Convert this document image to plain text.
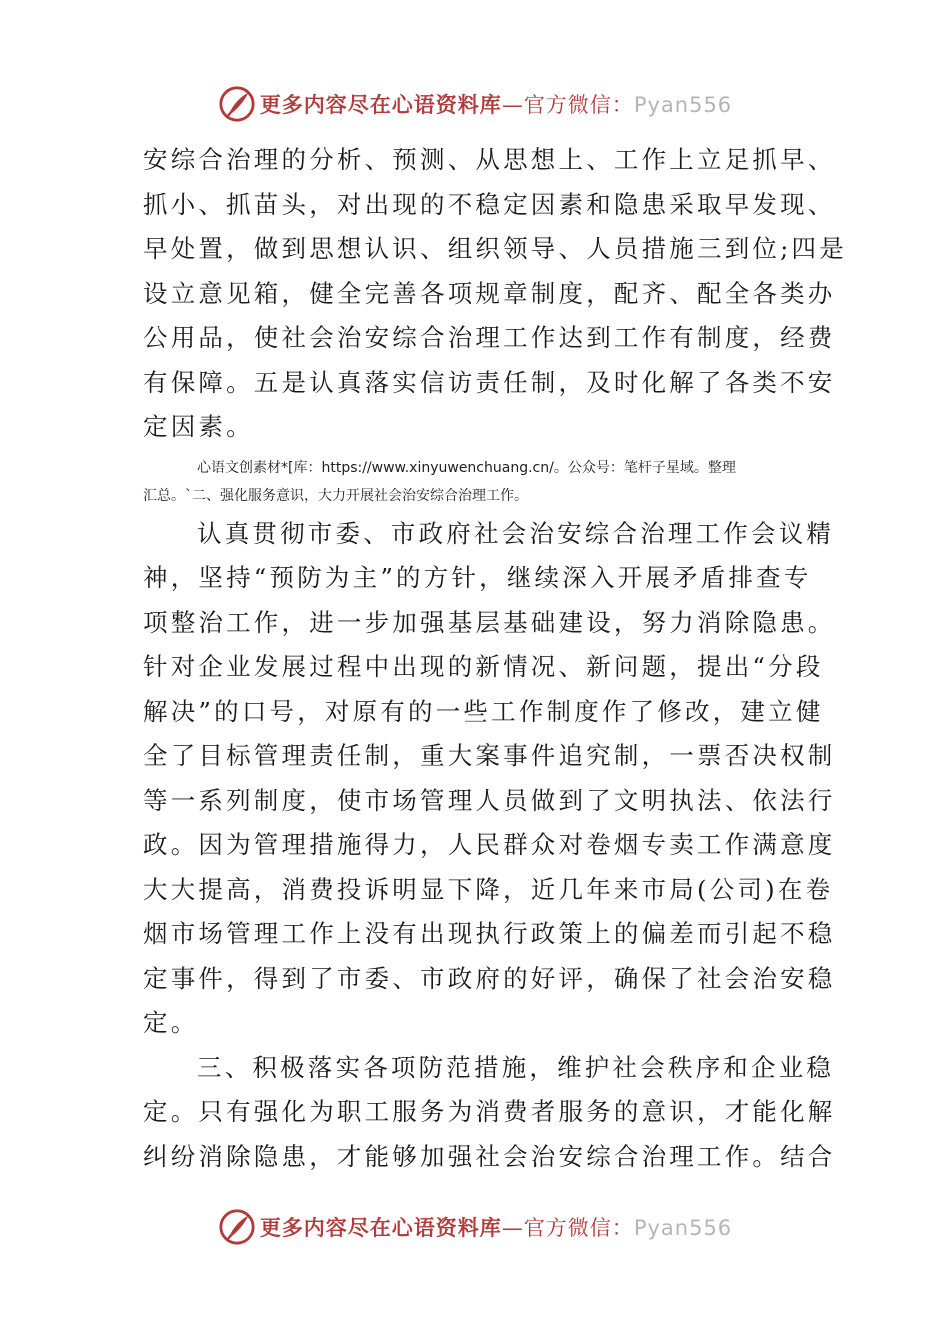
更多内容尽在心语资料库—官方微信：Pyan556

安综合治理的分析、预测、从思想上、工作上立足抓早、
抓小、抓苗头，对出现的不稳定因素和隐患采取早发现、
早处置，做到思想认识、组织领导、人员措施三到位;四是
设立意见箱，健全完善各项规章制度，配齐、配全各类办
公用品，使社会治安综合治理工作达到工作有制度，经费
有保障。五是认真落实信访责任制，及时化解了各类不安
定因素。

心语文创素材*[库：https://www.xinyuwenchuang.cn/。公众号：笔杆子星域。整理
汇总。`二、强化服务意识，大力开展社会治安综合治理工作。

认真贯彻市委、市政府社会治安综合治理工作会议精
神，坚持“预防为主”的方针，继续深入开展矛盾排查专
项整治工作，进一步加强基层基础建设，努力消除隐患。
针对企业发展过程中出现的新情况、新问题，提出“分段
解决”的口号，对原有的一些工作制度作了修改，建立健
全了目标管理责任制，重大案事件追究制，一票否决权制
等一系列制度，使市场管理人员做到了文明执法、依法行
政。因为管理措施得力，人民群众对卷烟专卖工作满意度
大大提高，消费投诉明显下降，近几年来市局(公司)在卷
烟市场管理工作上没有出现执行政策上的偏差而引起不稳
定事件，得到了市委、市政府的好评，确保了社会治安稳
定。

三、积极落实各项防范措施，维护社会秩序和企业稳
定。只有强化为职工服务为消费者服务的意识，才能化解
纠纷消除隐患，才能够加强社会治安综合治理工作。结合

更多内容尽在心语资料库—官方微信：Pyan556
